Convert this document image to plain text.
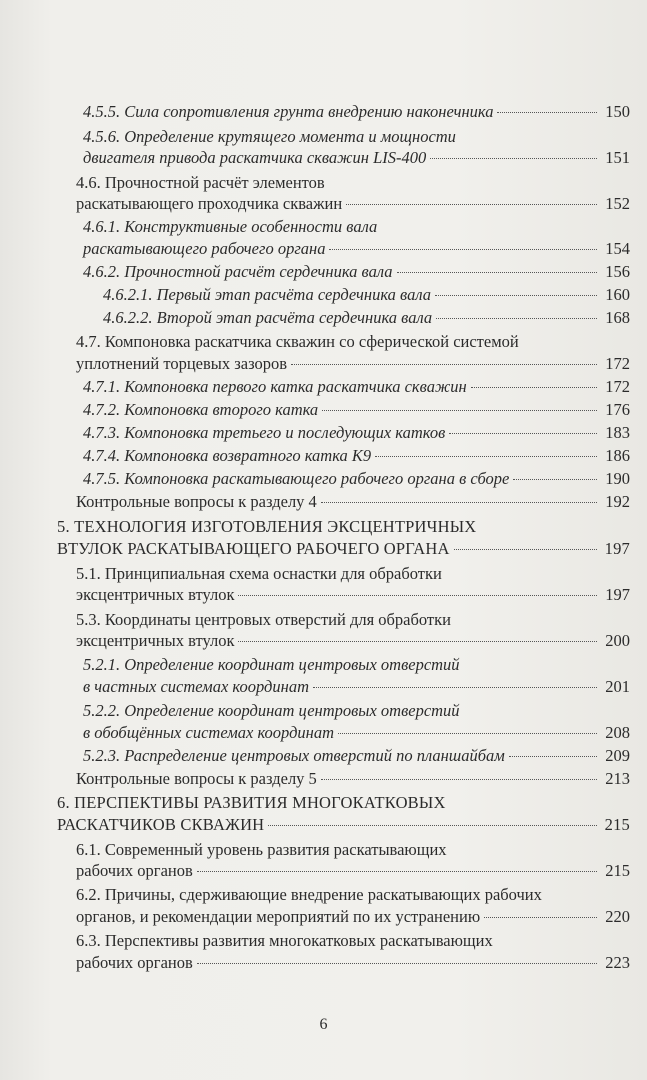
4.5.5. Сила сопротивления грунта внедрению наконечника	150
4.5.6. Определение крутящего момента и мощности
двигателя привода раскатчика скважин LIS-400	151
4.6. Прочностной расчёт элементов
раскатывающего проходчика скважин	152
4.6.1. Конструктивные особенности вала
раскатывающего рабочего органа	154
4.6.2. Прочностной расчёт сердечника вала	156
4.6.2.1. Первый этап расчёта сердечника вала	160
4.6.2.2. Второй этап расчёта сердечника вала	168
4.7. Компоновка раскатчика скважин со сферической системой
уплотнений торцевых зазоров	172
4.7.1. Компоновка первого катка раскатчика скважин	172
4.7.2. Компоновка второго катка	176
4.7.3. Компоновка третьего и последующих катков	183
4.7.4. Компоновка возвратного катка К9	186
4.7.5. Компоновка раскатывающего рабочего органа в сборе	190
Контрольные вопросы к разделу 4	192
5. ТЕХНОЛОГИЯ ИЗГОТОВЛЕНИЯ ЭКСЦЕНТРИЧНЫХ
ВТУЛОК РАСКАТЫВАЮЩЕГО РАБОЧЕГО ОРГАНА	197
5.1. Принципиальная схема оснастки для обработки
эксцентричных втулок	197
5.3. Координаты центровых отверстий для обработки
эксцентричных втулок	200
5.2.1. Определение координат центровых отверстий
в частных системах координат	201
5.2.2. Определение координат центровых отверстий
в обобщённых системах координат	208
5.2.3. Распределение центровых отверстий по планшайбам	209
Контрольные вопросы к разделу 5	213
6. ПЕРСПЕКТИВЫ РАЗВИТИЯ МНОГОКАТКОВЫХ
РАСКАТЧИКОВ СКВАЖИН	215
6.1. Современный уровень развития раскатывающих
рабочих органов	215
6.2. Причины, сдерживающие внедрение раскатывающих рабочих
органов, и рекомендации мероприятий по их устранению	220
6.3. Перспективы развития многокатковых раскатывающих
рабочих органов	223
6
